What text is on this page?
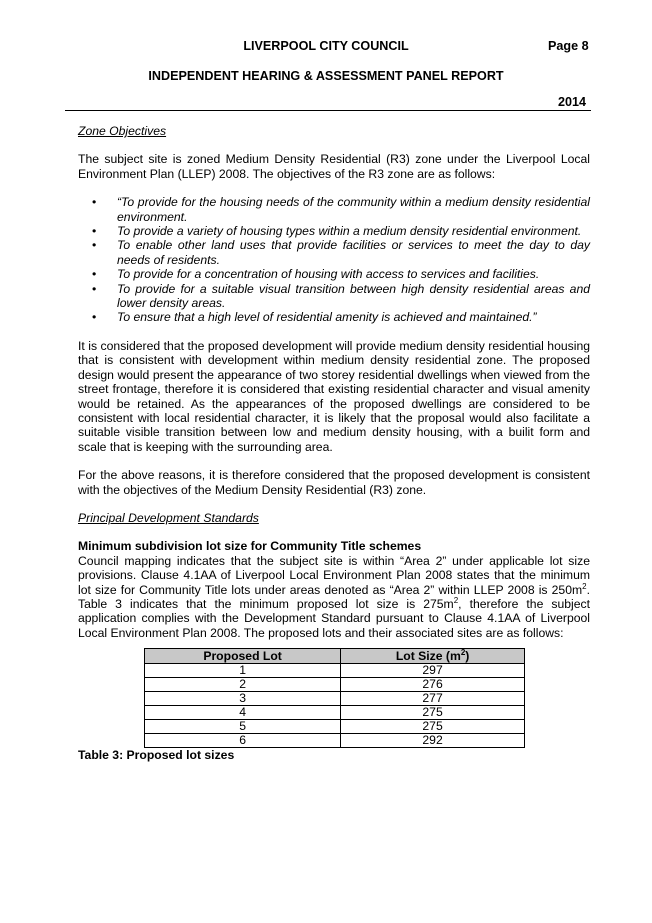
LIVERPOOL CITY COUNCIL	Page 8
INDEPENDENT HEARING & ASSESSMENT PANEL REPORT
2014

Zone Objectives

The subject site is zoned Medium Density Residential (R3) zone under the Liverpool Local Environment Plan (LLEP) 2008. The objectives of the R3 zone are as follows:

• “To provide for the housing needs of the community within a medium density residential environment.
• To provide a variety of housing types within a medium density residential environment.
• To enable other land uses that provide facilities or services to meet the day to day needs of residents.
• To provide for a concentration of housing with access to services and facilities.
• To provide for a suitable visual transition between high density residential areas and lower density areas.
• To ensure that a high level of residential amenity is achieved and maintained.”

It is considered that the proposed development will provide medium density residential housing that is consistent with development within medium density residential zone. The proposed design would present the appearance of two storey residential dwellings when viewed from the street frontage, therefore it is considered that existing residential character and visual amenity would be retained. As the appearances of the proposed dwellings are considered to be consistent with local residential character, it is likely that the proposal would also facilitate a suitable visible transition between low and medium density housing, with a builit form and scale that is keeping with the surrounding area.

For the above reasons, it is therefore considered that the proposed development is consistent with the objectives of the Medium Density Residential (R3) zone.

Principal Development Standards

Minimum subdivision lot size for Community Title schemes

Council mapping indicates that the subject site is within “Area 2” under applicable lot size provisions. Clause 4.1AA of Liverpool Local Environment Plan 2008 states that the minimum lot size for Community Title lots under areas denoted as “Area 2” within LLEP 2008 is $250m^2$. Table 3 indicates that the minimum proposed lot size is $275m^2$, therefore the subject application complies with the Development Standard pursuant to Clause 4.1AA of Liverpool Local Environment Plan 2008. The proposed lots and their associated sites are as follows:

Proposed Lot	Lot Size $(m^2)$
1	297
2	276
3	277
4	275
5	275
6	292

Table 3: Proposed lot sizes
